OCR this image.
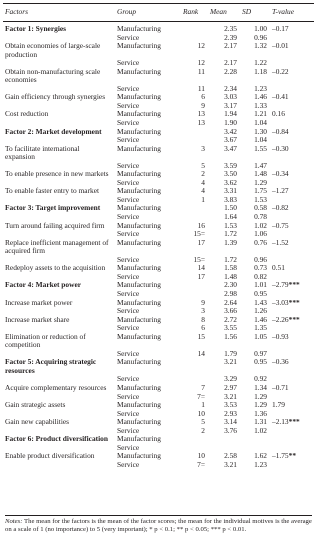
Factors	Group	Rank	Mean	SD	T-value
Factor 1: Synergies	Manufacturing		2.35	1.00	–0.17
	Service		2.39	0.96	
Obtain economies of large-scale production	Manufacturing	12	2.17	1.32	–0.01
	Service	12	2.17	1.22	
Obtain non-manufacturing scale economies	Manufacturing	11	2.28	1.18	–0.22
	Service	11	2.34	1.23	
Gain efficiency through synergies	Manufacturing	6	3.03	1.46	–0.41
	Service	9	3.17	1.33	
Cost reduction	Manufacturing	13	1.94	1.21	0.16
	Service	13	1.90	1.04	
Factor 2: Market development	Manufacturing		3.42	1.30	–0.84
	Service		3.67	1.04	
To facilitate international expansion	Manufacturing	3	3.47	1.55	–0.30
	Service	5	3.59	1.47	
To enable presence in new markets	Manufacturing	2	3.50	1.48	–0.34
	Service	4	3.62	1.29	
To enable faster entry to market	Manufacturing	4	3.31	1.75	–1.27
	Service	1	3.83	1.53	
Factor 3: Target improvement	Manufacturing		1.50	0.58	–0.82
	Service		1.64	0.78	
Turn around failing acquired firm	Manufacturing	16	1.53	1.02	–0.75
	Service	15=	1.72	1.06	
Replace inefficient management of acquired firm	Manufacturing	17	1.39	0.76	–1.52
	Service	15=	1.72	0.96	
Redeploy assets to the acquisition	Manufacturing	14	1.58	0.73	0.51
	Service	17	1.48	0.82	
Factor 4: Market power	Manufacturing		2.30	1.01	–2.79***
	Service		2.98	0.95	
Increase market power	Manufacturing	9	2.64	1.43	–3.03***
	Service	3	3.66	1.26	
Increase market share	Manufacturing	8	2.72	1.46	–2.26***
	Service	6	3.55	1.35	
Elimination or reduction of competition	Manufacturing	15	1.56	1.05	–0.93
	Service	14	1.79	0.97	
Factor 5: Acquiring strategic resources	Manufacturing		3.21	0.95	–0.36
	Service		3.29	0.92	
Acquire complementary resources	Manufacturing	7	2.97	1.34	–0.71
	Service	7=	3.21	1.29	
Gain strategic assets	Manufacturing	1	3.53	1.29	1.79
	Service	10	2.93	1.36	
Gain new capabilities	Manufacturing	5	3.14	1.31	–2.13***
	Service	2	3.76	1.02	
Factor 6: Product diversification	Manufacturing				
	Service				
Enable product diversification	Manufacturing	10	2.58	1.62	–1.75**
	Service	7=	3.21	1.23	
Notes: The mean for the factors is the mean of the factor scores; the mean for the individual motives is the average on a scale of 1 (no importance) to 5 (very important); * p < 0.1; ** p < 0.05; *** p < 0.01.
